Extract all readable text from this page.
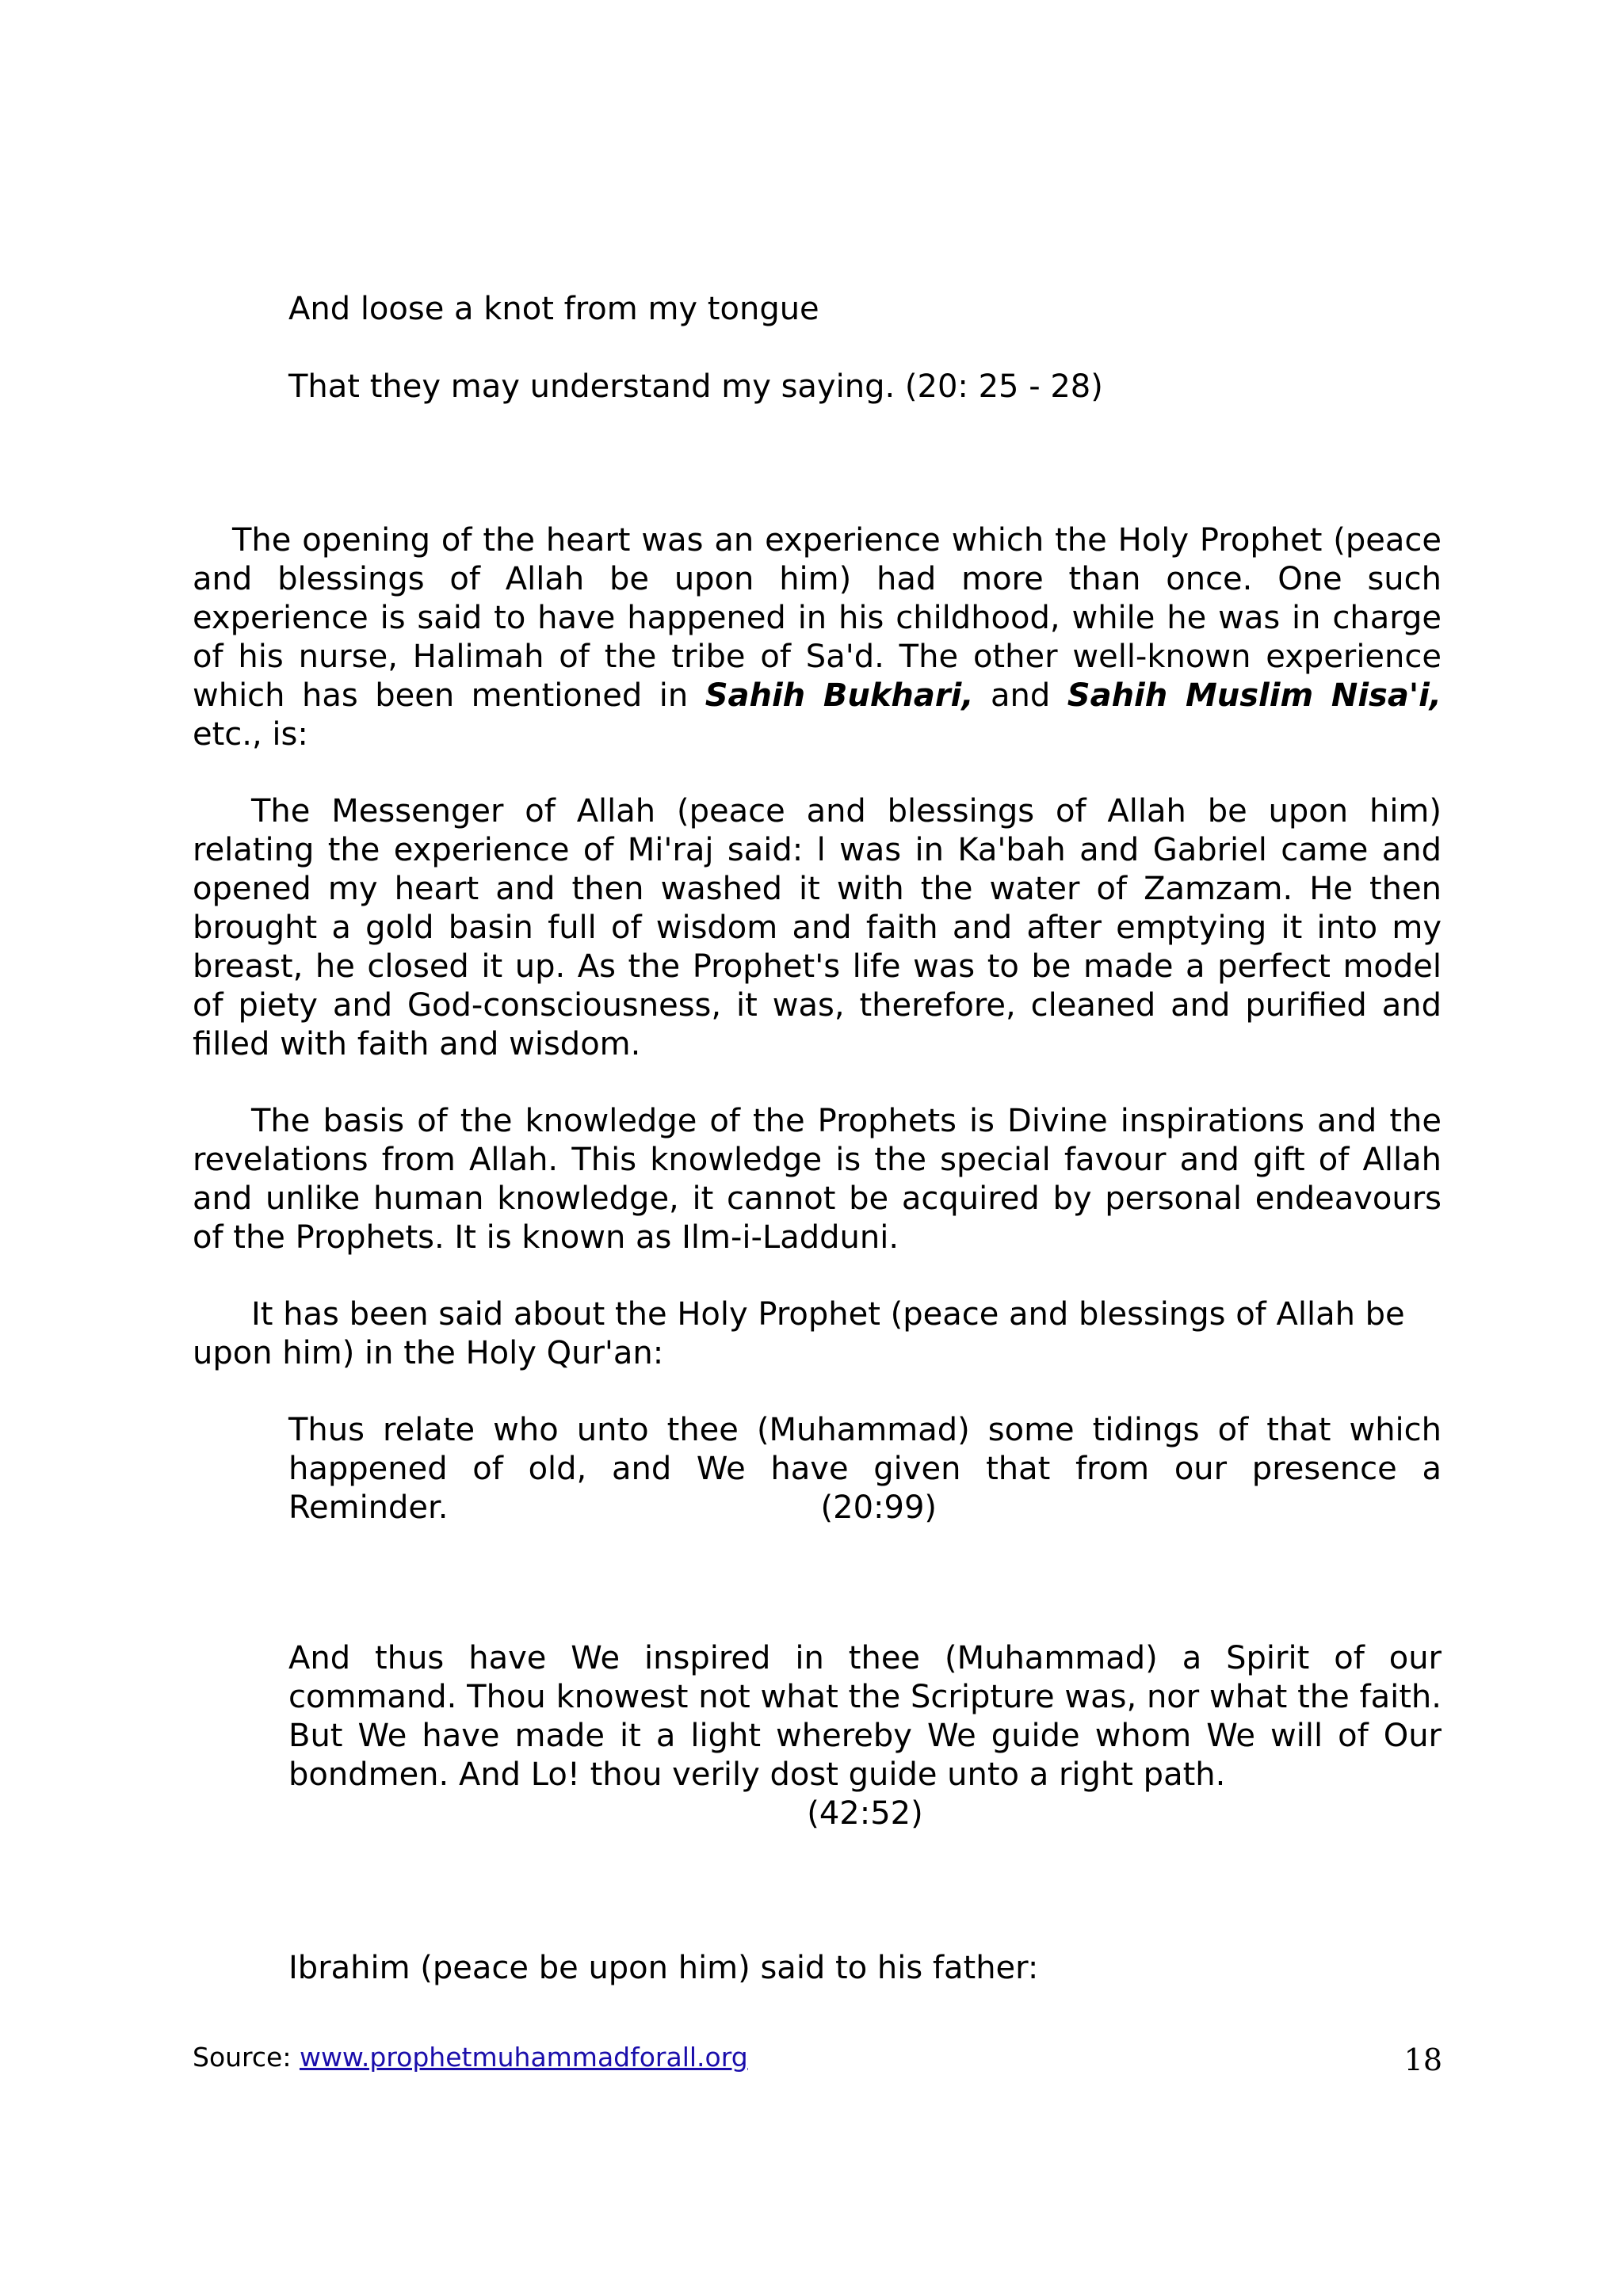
And loose a knot from my tongue
That they may understand my saying. (20: 25 - 28)
The opening of the heart was an experience which the Holy Prophet (peace and blessings of Allah be upon him) had more than once. One such experience is said to have happened in his childhood, while he was in charge of his nurse, Halimah of the tribe of Sa'd. The other well-known experience which has been mentioned in Sahih Bukhari, and Sahih Muslim Nisa'i, etc., is:
The Messenger of Allah (peace and blessings of Allah be upon him) relating the experience of Mi'raj said: l was in Ka'bah and Gabriel came and opened my heart and then washed it with the water of Zamzam. He then brought a gold basin full of wisdom and faith and after emptying it into my breast, he closed it up. As the Prophet's life was to be made a perfect model of piety and God-consciousness, it was, therefore, cleaned and purified and filled with faith and wisdom.
The basis of the knowledge of the Prophets is Divine inspirations and the revelations from Allah. This knowledge is the special favour and gift of Allah and unlike human knowledge, it cannot be acquired by personal endeavours of the Prophets. It is known as Ilm-i-Ladduni.
It has been said about the Holy Prophet (peace and blessings of Allah be upon him) in the Holy Qur'an:
Thus relate who unto thee (Muhammad) some tidings of that which happened of old, and We have given that from our presence a Reminder.	(20:99)
And thus have We inspired in thee (Muhammad) a Spirit of our command. Thou knowest not what the Scripture was, nor what the faith. But We have made it a light whereby We guide whom We will of Our bondmen. And Lo! thou verily dost guide unto a right path.
(42:52)
Ibrahim (peace be upon him) said to his father:
Source: www.prophetmuhammadforall.org	18
